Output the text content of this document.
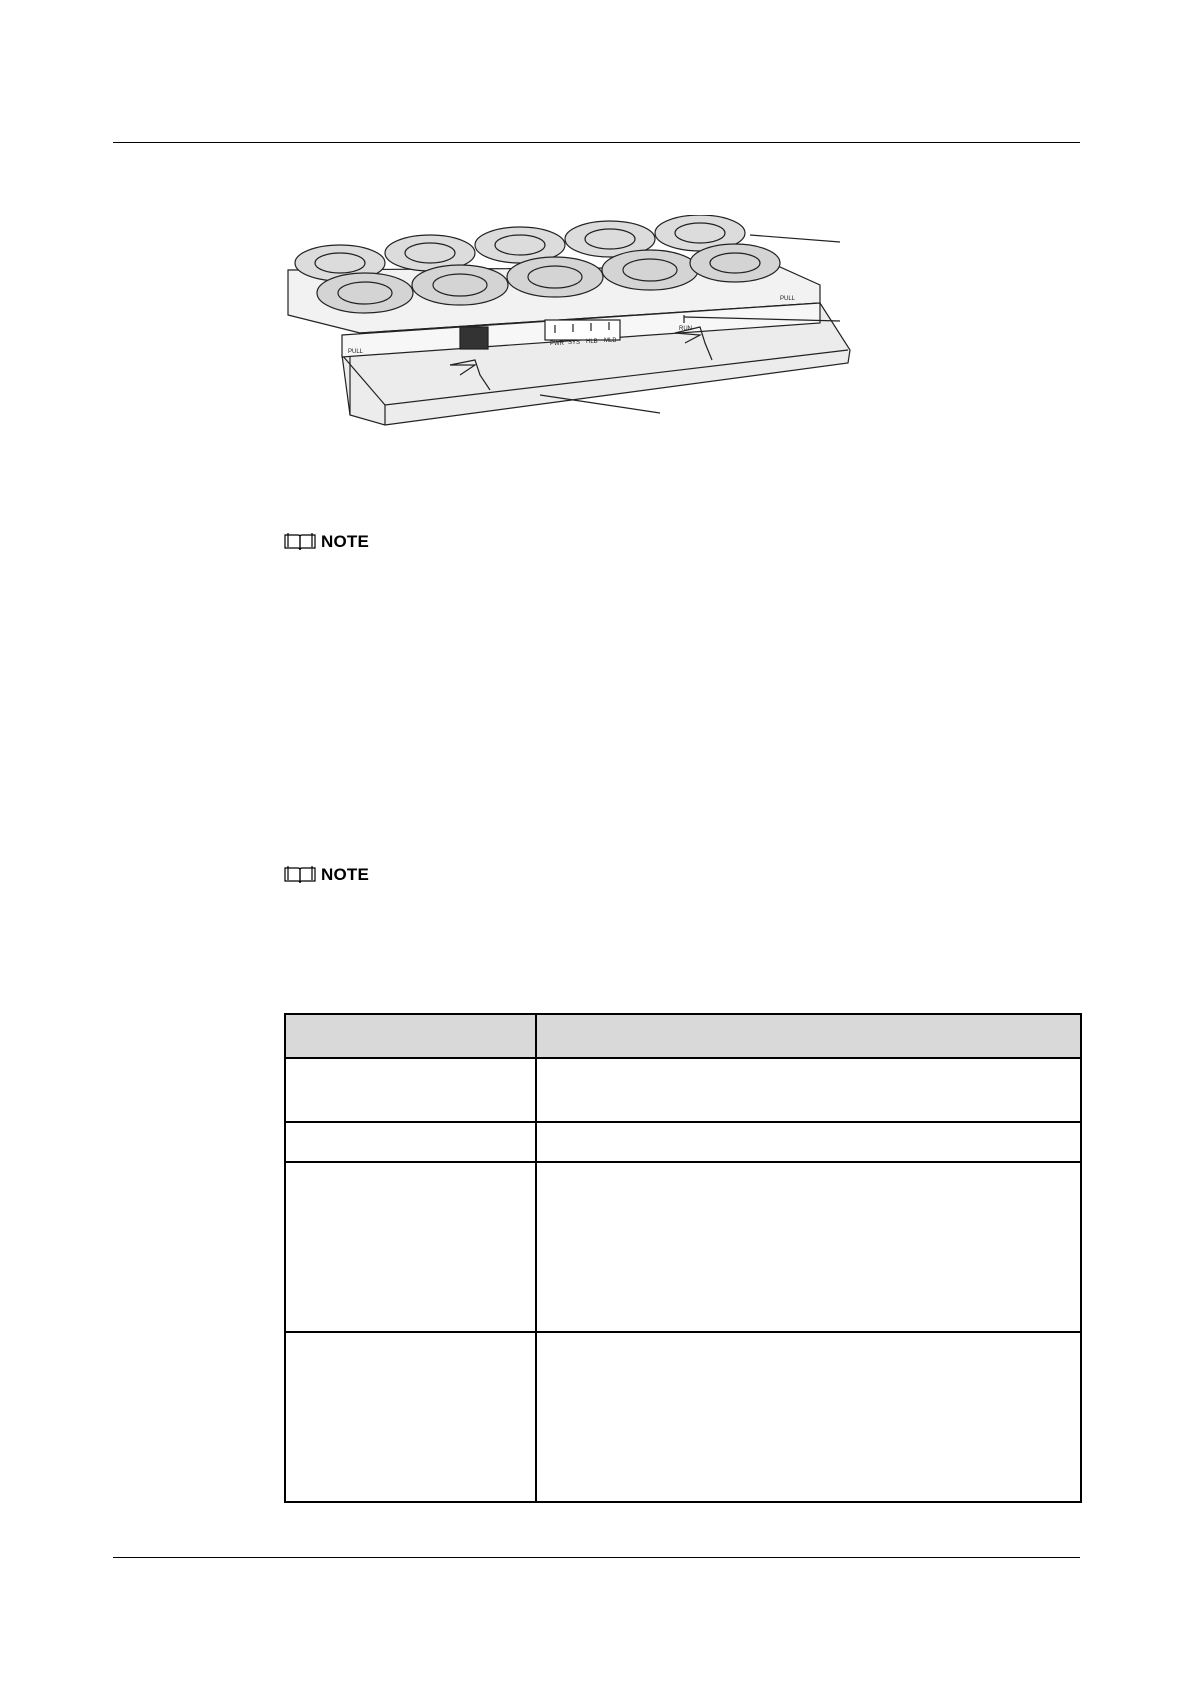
PULL
PULL
PWR SYS HLB MLB
RUN
NOTE
NOTE
